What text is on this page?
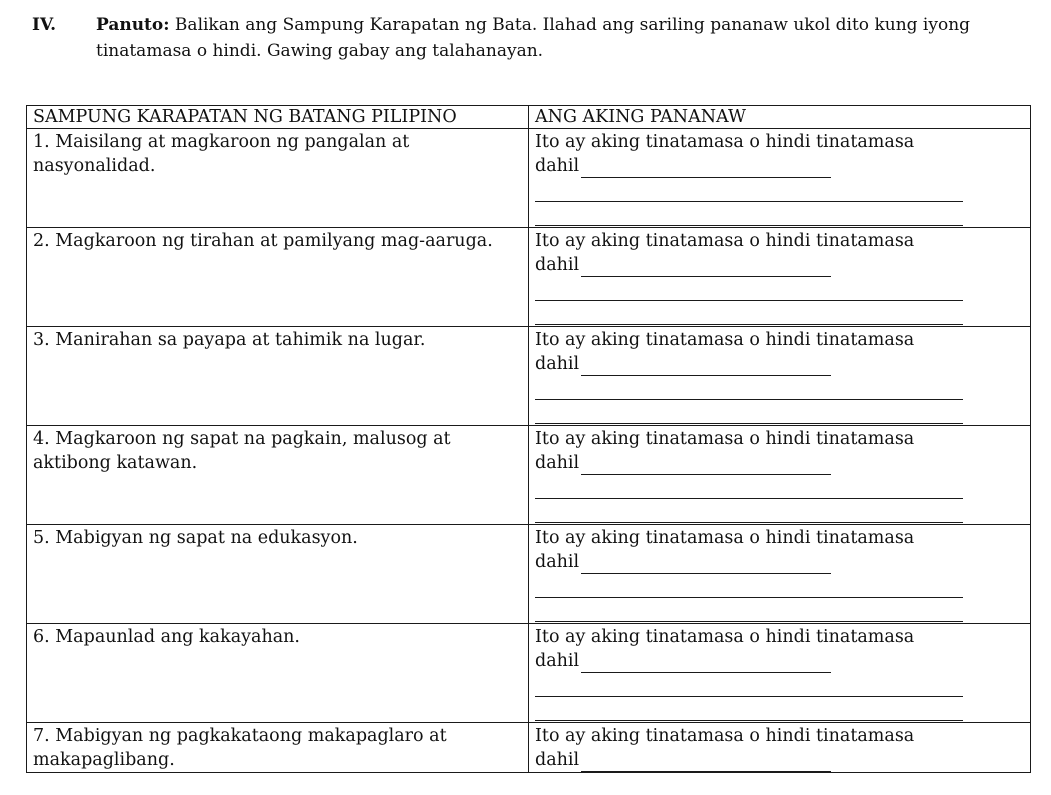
IV. Panuto: Balikan ang Sampung Karapatan ng Bata. Ilahad ang sariling pananaw ukol dito kung iyong tinatamasa o hindi. Gawing gabay ang talahanayan.
SAMPUNG KARAPATAN NG BATANG PILIPINO	ANG AKING PANANAW

1. Maisilang at magkaroon ng pangalan at nasyonalidad.	Ito ay aking tinatamasa o hindi tinatamasa
dahil

2. Magkaroon ng tirahan at pamilyang mag-aaruga.	Ito ay aking tinatamasa o hindi tinatamasa
dahil

3. Manirahan sa payapa at tahimik na lugar.	Ito ay aking tinatamasa o hindi tinatamasa
dahil

4. Magkaroon ng sapat na pagkain, malusog at aktibong katawan.	Ito ay aking tinatamasa o hindi tinatamasa
dahil

5. Mabigyan ng sapat na edukasyon.	Ito ay aking tinatamasa o hindi tinatamasa
dahil

6. Mapaunlad ang kakayahan.	Ito ay aking tinatamasa o hindi tinatamasa
dahil

7. Mabigyan ng pagkakataong makapaglaro at makapaglibang.	Ito ay aking tinatamasa o hindi tinatamasa
dahil
